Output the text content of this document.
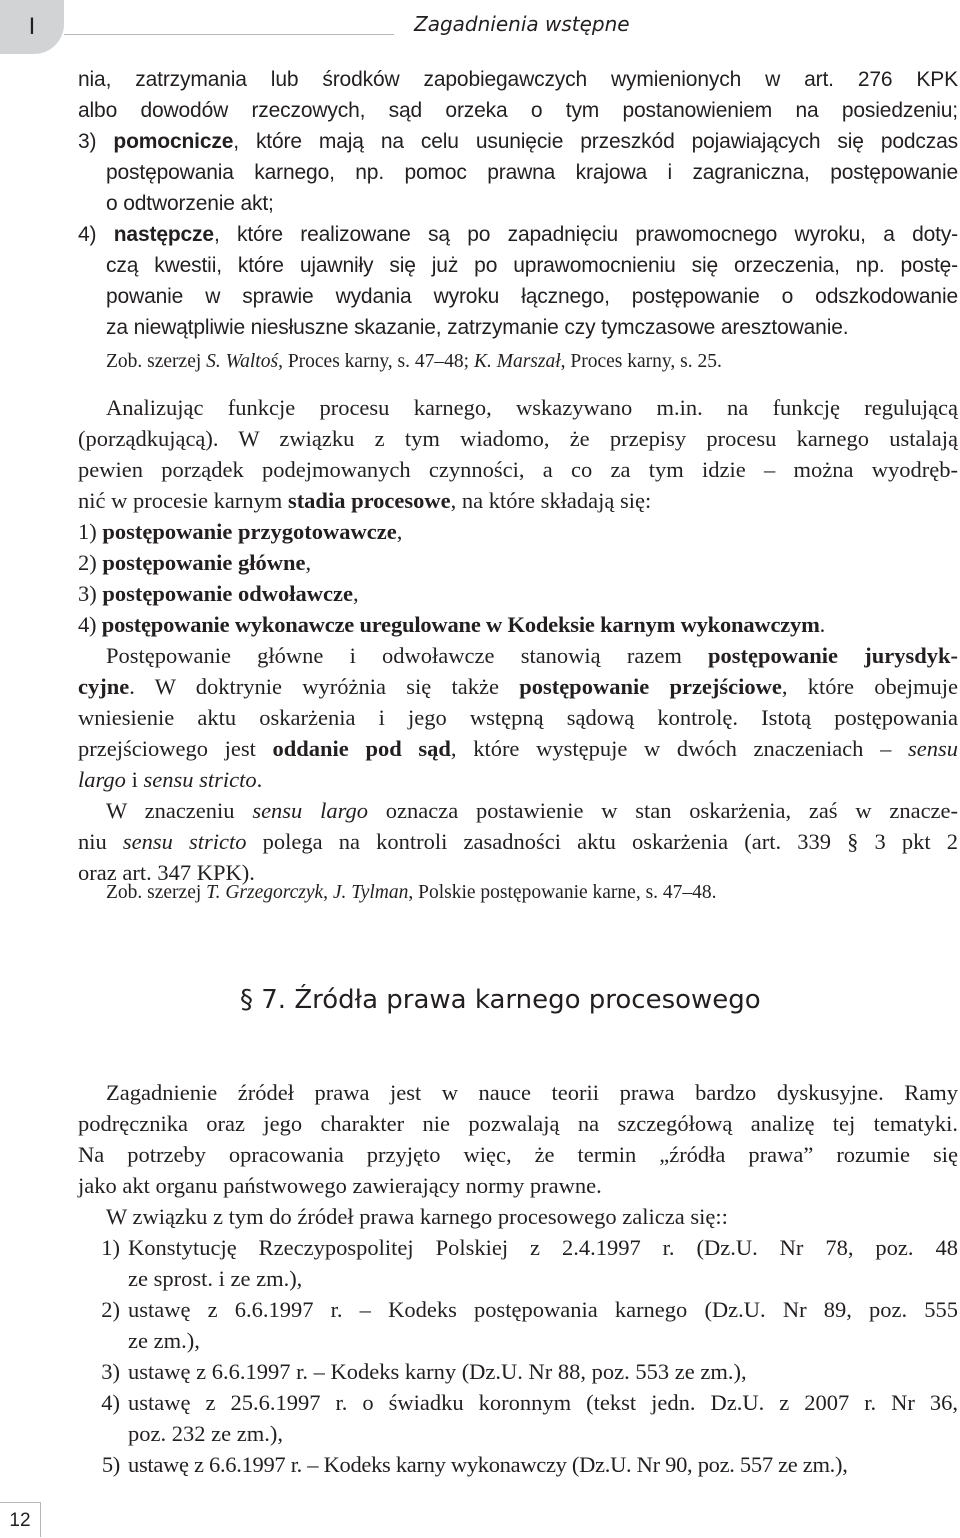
I	Zagadnienia wstępne
nia, zatrzymania lub środków zapobiegawczych wymienionych w art. 276 KPK
albo dowodów rzeczowych, sąd orzeka o tym postanowieniem na posiedzeniu;
3) pomocnicze, które mają na celu usunięcie przeszkód pojawiających się podczas
postępowania karnego, np. pomoc prawna krajowa i zagraniczna, postępowanie
o odtworzenie akt;
4) następcze, które realizowane są po zapadnięciu prawomocnego wyroku, a doty-
czą kwestii, które ujawniły się już po uprawomocnieniu się orzeczenia, np. postę-
powanie w sprawie wydania wyroku łącznego, postępowanie o odszkodowanie
za niewątpliwie niesłuszne skazanie, zatrzymanie czy tymczasowe aresztowanie.
Zob. szerzej S. Waltoś, Proces karny, s. 47–48; K. Marszał, Proces karny, s. 25.
Analizując funkcje procesu karnego, wskazywano m.in. na funkcję regulującą
(porządkującą). W związku z tym wiadomo, że przepisy procesu karnego ustalają
pewien porządek podejmowanych czynności, a co za tym idzie – można wyodręb-
nić w procesie karnym stadia procesowe, na które składają się:
1) postępowanie przygotowawcze,
2) postępowanie główne,
3) postępowanie odwoławcze,
4) postępowanie wykonawcze uregulowane w Kodeksie karnym wykonawczym.
Postępowanie główne i odwoławcze stanowią razem postępowanie jurysdyk-
cyjne. W doktrynie wyróżnia się także postępowanie przejściowe, które obejmuje
wniesienie aktu oskarżenia i jego wstępną sądową kontrolę. Istotą postępowania
przejściowego jest oddanie pod sąd, które występuje w dwóch znaczeniach – sensu
largo i sensu stricto.
W znaczeniu sensu largo oznacza postawienie w stan oskarżenia, zaś w znacze-
niu sensu stricto polega na kontroli zasadności aktu oskarżenia (art. 339 § 3 pkt 2
oraz art. 347 KPK).
Zob. szerzej T. Grzegorczyk, J. Tylman, Polskie postępowanie karne, s. 47–48.
§ 7. Źródła prawa karnego procesowego
Zagadnienie źródeł prawa jest w nauce teorii prawa bardzo dyskusyjne. Ramy
podręcznika oraz jego charakter nie pozwalają na szczegółową analizę tej tematyki.
Na potrzeby opracowania przyjęto więc, że termin „źródła prawa” rozumie się
jako akt organu państwowego zawierający normy prawne.
W związku z tym do źródeł prawa karnego procesowego zalicza się::
1) Konstytucję Rzeczypospolitej Polskiej z 2.4.1997 r. (Dz.U. Nr 78, poz. 48
ze sprost. i ze zm.),
2) ustawę z 6.6.1997 r. – Kodeks postępowania karnego (Dz.U. Nr 89, poz. 555
ze zm.),
3) ustawę z 6.6.1997 r. – Kodeks karny (Dz.U. Nr 88, poz. 553 ze zm.),
4) ustawę z 25.6.1997 r. o świadku koronnym (tekst jedn. Dz.U. z 2007 r. Nr 36,
poz. 232 ze zm.),
5) ustawę z 6.6.1997 r. – Kodeks karny wykonawczy (Dz.U. Nr 90, poz. 557 ze zm.),
12
